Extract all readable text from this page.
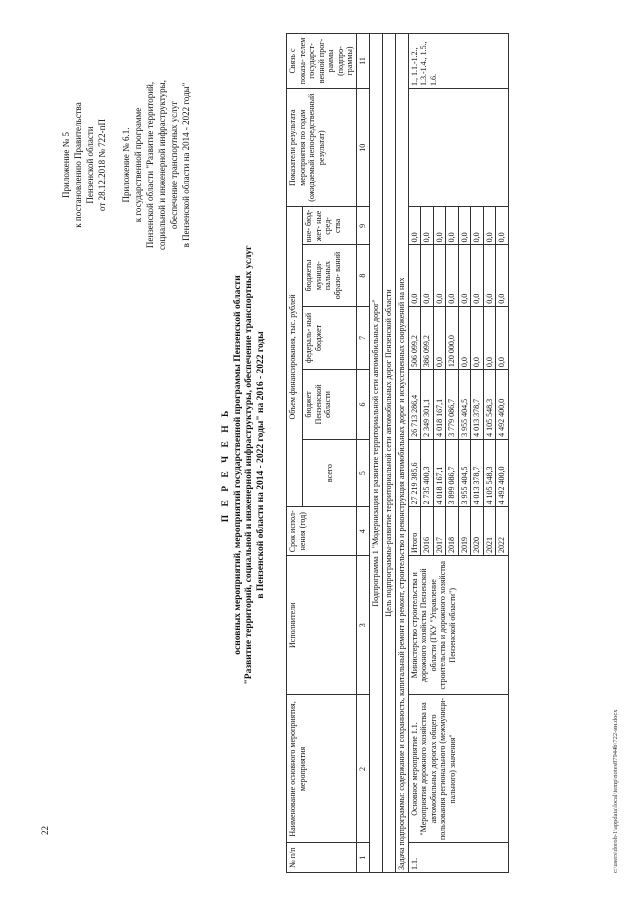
22
Приложение № 5 к постановлению Правительства Пензенской области от 28.12.2018 № 722-пП Приложение № 6.1. к государственной программе Пензенской области "Развитие территорий, социальной и инженерной инфраструктуры, обеспечение транспортных услуг в Пензенской области на 2014 - 2022 годы"
П Е Р Е Ч Е Н Ь основных мероприятий, мероприятий государственной программы Пензенской области "Развитие территорий, социальной и инженерной инфраструктуры, обеспечение транспортных услуг в Пензенской области на 2014 - 2022 годы" на 2016 - 2022 годы
№ п/п	Наименование основного мероприятия, мероприятия	Исполнители	Срок испол- нения (год)	Объем финансирования, тыс. рублей					Показатели результата мероприятия по годам (ожидаемый непосредственный результат)	Связь с показа- телем государст- венной прог- раммы (подпро- граммы)
				всего	бюджет Пензенской области	федераль- ный бюджет	бюджеты муници- пальных образо- ваний	вне- бюд- жет- ные сред- ства		
1	2	3	4	5	6	7	8	9	10	11
Подпрограмма 1 "Модернизация и развитие территориальной сети автомобильных дорог"										
Цель подпрограммы-развитие территориальной сети автомобильных дорог Пензенской области										
Задача подпрограммы: содержание и сохранность, капитальный ремонт и ремонт, строительство и реконструкция автомобильных дорог и искусственных сооружений на них										
1.1.	Основное мероприятие 1.1. "Мероприятия дорожного хозяйства на автомобильных дорогах общего пользования регионального (межмуници- пального) значения"	Министерство строительства и дорожного хозяйства Пензенской области (ГКУ "Управление строительства и дорожного хозяйства Пензенской области")	Итого	27 219 385,6	26 713 286,4	506 099,2	0,0	0,0		1., 1.1.-1.2., 1.3.-1.4., 1.5., 1.6.
			2016	2 735 400,3	2 349 301,1	386 099,2	0,0	0,0		
			2017	4 018 167,1	4 018 167,1	0,0	0,0	0,0		
			2018	3 899 086,7	3 779 086,7	120 000,0	0,0	0,0		
			2019	3 955 404,5	3 955 404,5	0,0	0,0	0,0		
			2020	4 013 378,7	4 013 378,7	0,0	0,0	0,0		
			2021	4 105 548,3	4 105 548,3	0,0	0,0	0,0		
			2022	4 492 400,0	4 492 400,0	0,0	0,0	0,0		
c:\users\doroh-1\appdata\local\temp\notes87944b\722-ин.docx
